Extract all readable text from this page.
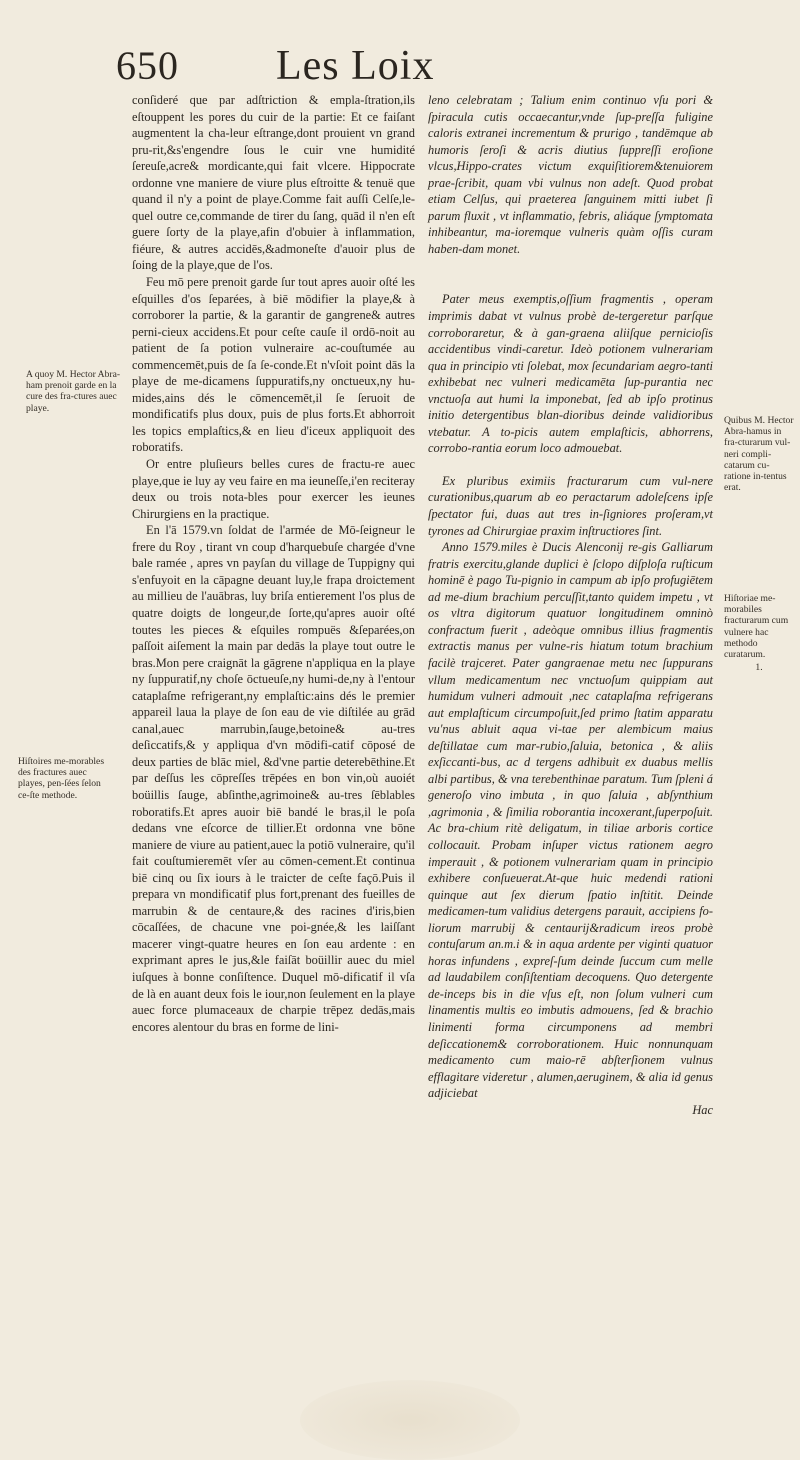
650 Les Loix
A quoy M. Hector Abra-ham prenoit garde en la cure des fra-ctures auec playe.
Hiſtoires me-morables des fractures auec playes, pen-ſées ſelon ce-ſte methode.

conſideré que par adſtriction & empla-ſtration,ils eſtouppent les pores du cuir de la partie: Et ce faiſant augmentent la cha-leur eſtrange,dont prouient vn grand pru-rit,&s'engendre ſous le cuir vne humidité ſereuſe,acre& mordicante,qui fait vlcere. Hippocrate ordonne vne maniere de viure plus eſtroitte & tenuë que quand il n'y a point de playe.Comme fait auſſi Celſe,le-quel outre ce,commande de tirer du ſang, quād il n'en eſt guere ſorty de la playe,afin d'obuier à inflammation, fiéure, & autres accidēs,&admoneſte d'auoir plus de ſoing de la playe,que de l'os.

Feu mō pere prenoit garde ſur tout apres auoir oſté les eſquilles d'os ſeparées, à biē mōdifier la playe,& à corroborer la partie, & la garantir de gangrene& autres perni-cieux accidens.Et pour ceſte cauſe il ordō-noit au patient de ſa potion vulneraire ac-couſtumée au commencemēt,puis de ſa ſe-conde.Et n'vſoit point dās la playe de me-dicamens ſuppuratifs,ny onctueux,ny hu-mides,ains dés le cōmencemēt,il ſe ſeruoit de mondificatifs plus doux, puis de plus forts.Et abhorroit les topics emplaſtics,& en lieu d'iceux appliquoit des roboratifs.

Or entre pluſieurs belles cures de fractu-re auec playe,que ie luy ay veu faire en ma ieuneſſe,i'en reciteray deux ou trois nota-bles pour exercer les ieunes Chirurgiens en la practique.

En l'ā 1579.vn ſoldat de l'armée de Mō-ſeigneur le frere du Roy , tirant vn coup d'harquebuſe chargée d'vne bale ramée , apres vn payſan du village de Tuppigny qui s'enfuyoit en la cāpagne deuant luy,le frapa droictement au millieu de l'auābras, luy briſa entierement l'os plus de quatre doigts de longeur,de ſorte,qu'apres auoir oſté toutes les pieces & eſquiles rompuës &ſeparées,on paſſoit aiſement la main par dedās la playe tout outre le bras.Mon pere craignāt la gāgrene n'appliqua en la playe ny ſuppuratif,ny choſe ōctueuſe,ny humi-de,ny à l'entour cataplaſme refrigerant,ny emplaſtic:ains dés le premier appareil laua la playe de ſon eau de vie diſtilée au grād canal,auec marrubin,ſauge,betoine& au-tres deſiccatifs,& y appliqua d'vn mōdifi-catif cōposé de deux parties de blāc miel, &d'vne partie deterebēthine.Et par deſſus les cōpreſſes trēpées en bon vin,où auoiét boüillis ſauge, abſinthe,agrimoine& au-tres ſēblables roboratifs.Et apres auoir biē bandé le bras,il le poſa dedans vne eſcorce de tillier.Et ordonna vne bōne maniere de viure au patient,auec la potiō vulneraire, qu'il fait couſtumieremēt vſer au cōmen-cement.Et continua biē cinq ou ſix iours à le traicter de ceſte façō.Puis il prepara vn mondificatif plus fort,prenant des fueilles de marrubin & de centaure,& des racines d'iris,bien cōcaſſées, de chacune vne poi-gnée,& les laiſſant macerer vingt-quatre heures en ſon eau ardente : en exprimant apres le jus,&le faiſāt boüillir auec du miel iuſques à bonne conſiſtence. Duquel mō-dificatif il vſa de là en auant deux fois le iour,non ſeulement en la playe auec force plumaceaux de charpie trēpez dedās,mais encores alentour du bras en forme de lini-

leno celebratam ; Talium enim continuo vſu pori & ſpiracula cutis occaecantur,vnde ſup-preſſa fuligine caloris extranei incrementum & prurigo , tandēmque ab humoris ſeroſi & acris diutius ſuppreſſi eroſione vlcus,Hippo-crates victum exquiſitiorem&tenuiorem prae-ſcribit, quam vbi vulnus non adeſt. Quod probat etiam Celſus, qui praeterea ſanguinem mitti iubet ſi parum fluxit , vt inflammatio, febris, aliáque ſymptomata inhibeantur, ma-ioremque vulneris quàm oſſis curam haben-dam monet.

Pater meus exemptis,oſſium fragmentis , operam imprimis dabat vt vulnus probè de-tergeretur parſque corroboraretur, & à gan-graena aliiſque pernicioſis accidentibus vindi-caretur. Ideò potionem vulnerariam qua in principio vti ſolebat, mox ſecundariam aegro-tanti exhibebat nec vulneri medicamēta ſup-purantia nec vnctuoſa aut humi la imponebat, ſed ab ipſo protinus initio detergentibus blan-dioribus deinde validioribus vtebatur. A to-picis autem emplaſticis, abhorrens, corrobo-rantia eorum loco admouebat.

Ex pluribus eximiis fracturarum cum vul-nere curationibus,quarum ab eo peractarum adoleſcens ipſe ſpectator fui, duas aut tres in-ſigniores proſeram,vt tyrones ad Chirurgiae praxim inſtructiores ſint.

Anno 1579.miles è Ducis Alenconij re-gis Galliarum fratris exercitu,glande duplici è ſclopo diſploſa ruſticum hominē è pago Tu-pignio in campum ab ipſo profugiētem ad me-dium brachium percuſſit,tanto quidem impetu , vt os vltra digitorum quatuor longitudinem omninò confractum fuerit , adeòque omnibus illius fragmentis extractis manus per vulne-ris hiatum totum brachium facilè trajceret. Pater gangraenae metu nec ſuppurans vllum medicamentum nec vnctuoſum quippiam aut humidum vulneri admouit ,nec cataplaſma refrigerans aut emplaſticum circumpoſuit,ſed primo ſtatim apparatu vu'nus abluit aqua vi-tae per alembicum maius deſtillatae cum mar-rubio,ſaluia, betonica , & aliis exſiccanti-bus, ac d tergens adhibuit ex duabus mellis albi partibus, & vna terebenthinae paratum. Tum ſpleni á generoſo vino imbuta , in quo ſaluia , abſynthium ,agrimonia , & ſimilia roborantia incoxerant,ſuperpoſuit. Ac bra-chium ritè deligatum, in tiliae arboris cortice collocauit. Probam inſuper victus rationem aegro imperauit , & potionem vulnerariam quam in principio exhibere conſueuerat.At-que huic medendi rationi quinque aut ſex dierum ſpatio inſtitit. Deinde medicamen-tum validius detergens parauit, accipiens fo-liorum marrubij & centaurij&radicum ireos probè contuſarum an.m.i & in aqua ardente per viginti quatuor horas infundens , expreſ-ſum deinde ſuccum cum melle ad laudabilem conſiſtentiam decoquens. Quo detergente de-inceps bis in die vſus eſt, non ſolum vulneri cum linamentis multis eo imbutis admouens, ſed & brachio linimenti forma circumponens ad membri deſiccationem& corroborationem. Huic nonnunquam medicamento cum maio-rē abſterſionem vulnus efflagitare videretur , alumen,aeruginem, & alia id genus adjiciebat

Hac

Quibus M. Hector Abra-hamus in fra-cturarum vul-neri compli-catarum cu-ratione in-tentus erat.
Hiſtoriae me-morabiles fracturarum cum vulnere hac methodo curatarum.
1.
